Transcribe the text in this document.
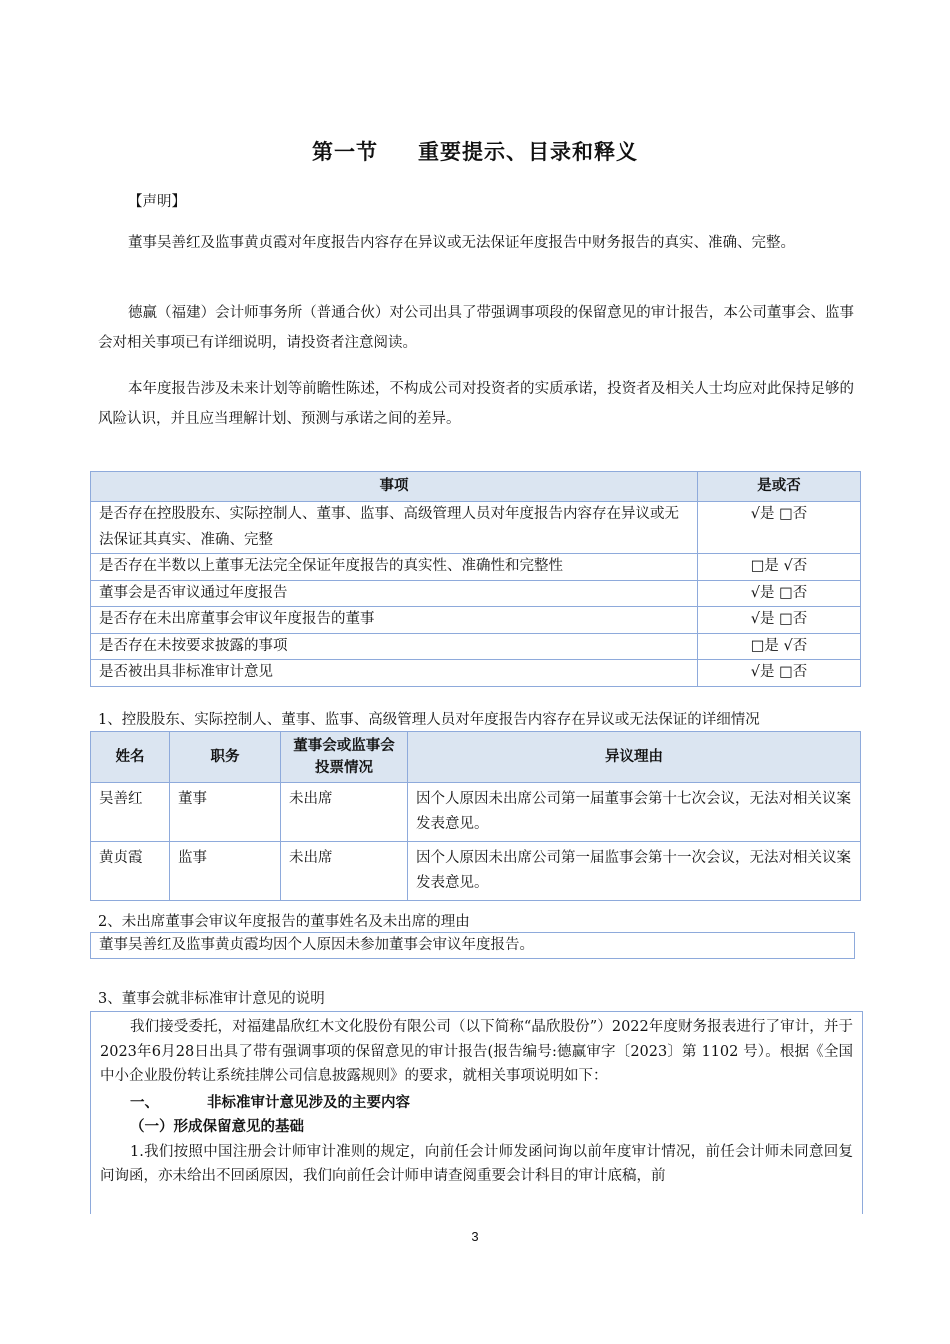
第一节 重要提示、目录和释义
【声明】
董事吴善红及监事黄贞霞对年度报告内容存在异议或无法保证年度报告中财务报告的真实、准确、完整。
德赢（福建）会计师事务所（普通合伙）对公司出具了带强调事项段的保留意见的审计报告，本公司董事会、监事会对相关事项已有详细说明，请投资者注意阅读。
本年度报告涉及未来计划等前瞻性陈述，不构成公司对投资者的实质承诺，投资者及相关人士均应对此保持足够的风险认识，并且应当理解计划、预测与承诺之间的差异。
事项	是或否
是否存在控股股东、实际控制人、董事、监事、高级管理人员对年度报告内容存在异议或无法保证其真实、准确、完整	√是 □否
是否存在半数以上董事无法完全保证年度报告的真实性、准确性和完整性	□是 √否
董事会是否审议通过年度报告	√是 □否
是否存在未出席董事会审议年度报告的董事	√是 □否
是否存在未按要求披露的事项	□是 √否
是否被出具非标准审计意见	√是 □否
1、控股股东、实际控制人、董事、监事、高级管理人员对年度报告内容存在异议或无法保证的详细情况
姓名	职务	董事会或监事会投票情况	异议理由
吴善红	董事	未出席	因个人原因未出席公司第一届董事会第十七次会议，无法对相关议案发表意见。
黄贞霞	监事	未出席	因个人原因未出席公司第一届监事会第十一次会议，无法对相关议案发表意见。
2、未出席董事会审议年度报告的董事姓名及未出席的理由
董事吴善红及监事黄贞霞均因个人原因未参加董事会审议年度报告。
3、董事会就非标准审计意见的说明

我们接受委托，对福建晶欣红木文化股份有限公司（以下简称“晶欣股份”）2022年度财务报表进行了审计，并于2023年6月28日出具了带有强调事项的保留意见的审计报告(报告编号:德赢审字〔2023〕第 1102 号）。根据《全国中小企业股份转让系统挂牌公司信息披露规则》的要求，就相关事项说明如下：

一、	非标准审计意见涉及的主要内容

（一）形成保留意见的基础

1.我们按照中国注册会计师审计准则的规定，向前任会计师发函问询以前年度审计情况，前任会计师未同意回复问询函，亦未给出不回函原因，我们向前任会计师申请查阅重要会计科目的审计底稿，前

3
